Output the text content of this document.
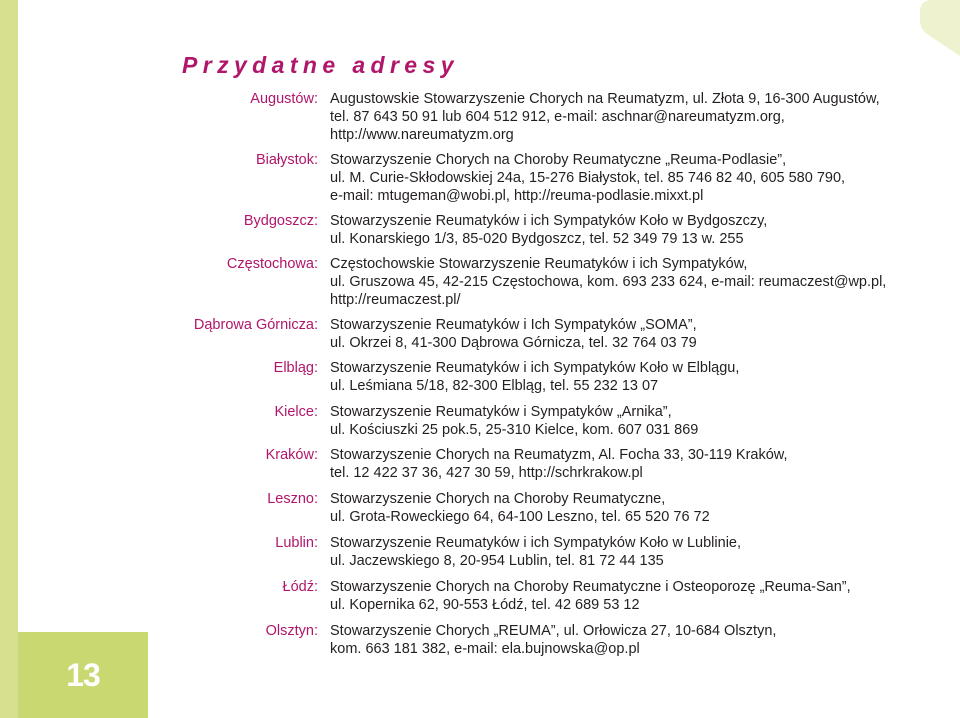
Przydatne adresy
Augustów: Augustowskie Stowarzyszenie Chorych na Reumatyzm, ul. Złota 9, 16-300 Augustów,
tel. 87 643 50 91 lub 604 512 912, e-mail: aschnar@nareumatyzm.org,
http://www.nareumatyzm.org
Białystok: Stowarzyszenie Chorych na Choroby Reumatyczne „Reuma-Podlasie”,
ul. M. Curie-Skłodowskiej 24a, 15-276 Białystok, tel. 85 746 82 40, 605 580 790,
e-mail: mtugeman@wobi.pl, http://reuma-podlasie.mixxt.pl
Bydgoszcz: Stowarzyszenie Reumatyków i ich Sympatyków Koło w Bydgoszczy,
ul. Konarskiego 1/3, 85-020 Bydgoszcz, tel. 52 349 79 13 w. 255
Częstochowa: Częstochowskie Stowarzyszenie Reumatyków i ich Sympatyków,
ul. Gruszowa 45, 42-215 Częstochowa, kom. 693 233 624, e-mail: reumaczest@wp.pl,
http://reumaczest.pl/
Dąbrowa Górnicza: Stowarzyszenie Reumatyków i Ich Sympatyków „SOMA”,
ul. Okrzei 8, 41-300 Dąbrowa Górnicza, tel. 32 764 03 79
Elbląg: Stowarzyszenie Reumatyków i ich Sympatyków Koło w Elblągu,
ul. Leśmiana 5/18, 82-300 Elbląg, tel. 55 232 13 07
Kielce: Stowarzyszenie Reumatyków i Sympatyków „Arnika”,
ul. Kościuszki 25 pok.5, 25-310 Kielce, kom. 607 031 869
Kraków: Stowarzyszenie Chorych na Reumatyzm, Al. Focha 33, 30-119 Kraków,
tel. 12 422 37 36, 427 30 59, http://schrkrakow.pl
Leszno: Stowarzyszenie Chorych na Choroby Reumatyczne,
ul. Grota-Roweckiego 64, 64-100 Leszno, tel. 65 520 76 72
Lublin: Stowarzyszenie Reumatyków i ich Sympatyków Koło w Lublinie,
ul. Jaczewskiego 8, 20-954 Lublin, tel. 81 72 44 135
Łódź: Stowarzyszenie Chorych na Choroby Reumatyczne i Osteoporozę „Reuma-San”,
ul. Kopernika 62, 90-553 Łódź, tel. 42 689 53 12
Olsztyn: Stowarzyszenie Chorych „REUMA”, ul. Orłowicza 27, 10-684 Olsztyn,
kom. 663 181 382, e-mail: ela.bujnowska@op.pl
13
